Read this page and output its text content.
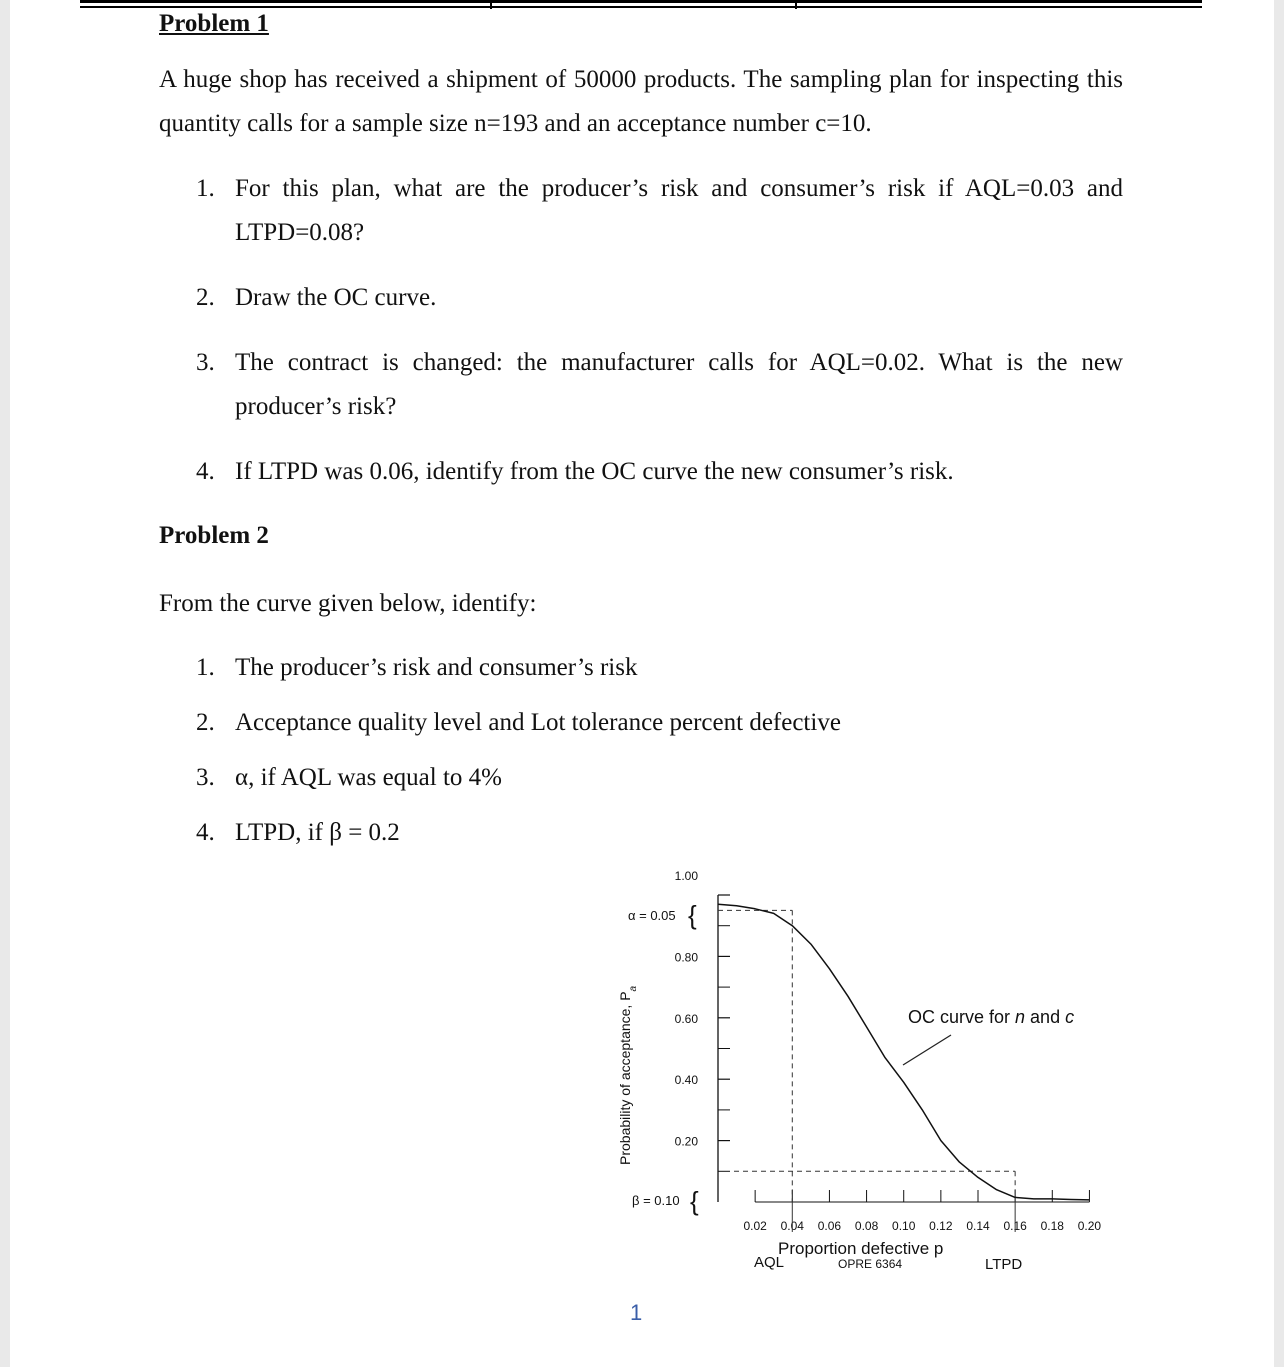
Problem 1
A huge shop has received a shipment of 50000 products. The sampling plan for inspecting this quantity calls for a sample size n=193 and an acceptance number c=10.
1. For this plan, what are the producer’s risk and consumer’s risk if AQL=0.03 and LTPD=0.08?
2. Draw the OC curve.
3. The contract is changed: the manufacturer calls for AQL=0.02. What is the new producer’s risk?
4. If LTPD was 0.06, identify from the OC curve the new consumer’s risk.
Problem 2
From the curve given below, identify:
1. The producer’s risk and consumer’s risk
2. Acceptance quality level and Lot tolerance percent defective
3. α, if AQL was equal to 4%
4. LTPD, if β = 0.2
Probability of acceptance, $P_a$
α = 0.05 {
β = 0.10 {
OC curve for n and c
Proportion defective p
AQL	OPRE 6364	LTPD
1.00
0.80
0.60
0.40
0.20
0.02 0.04 0.06 0.08 0.10 0.12 0.14 0.16 0.18 0.20
1
